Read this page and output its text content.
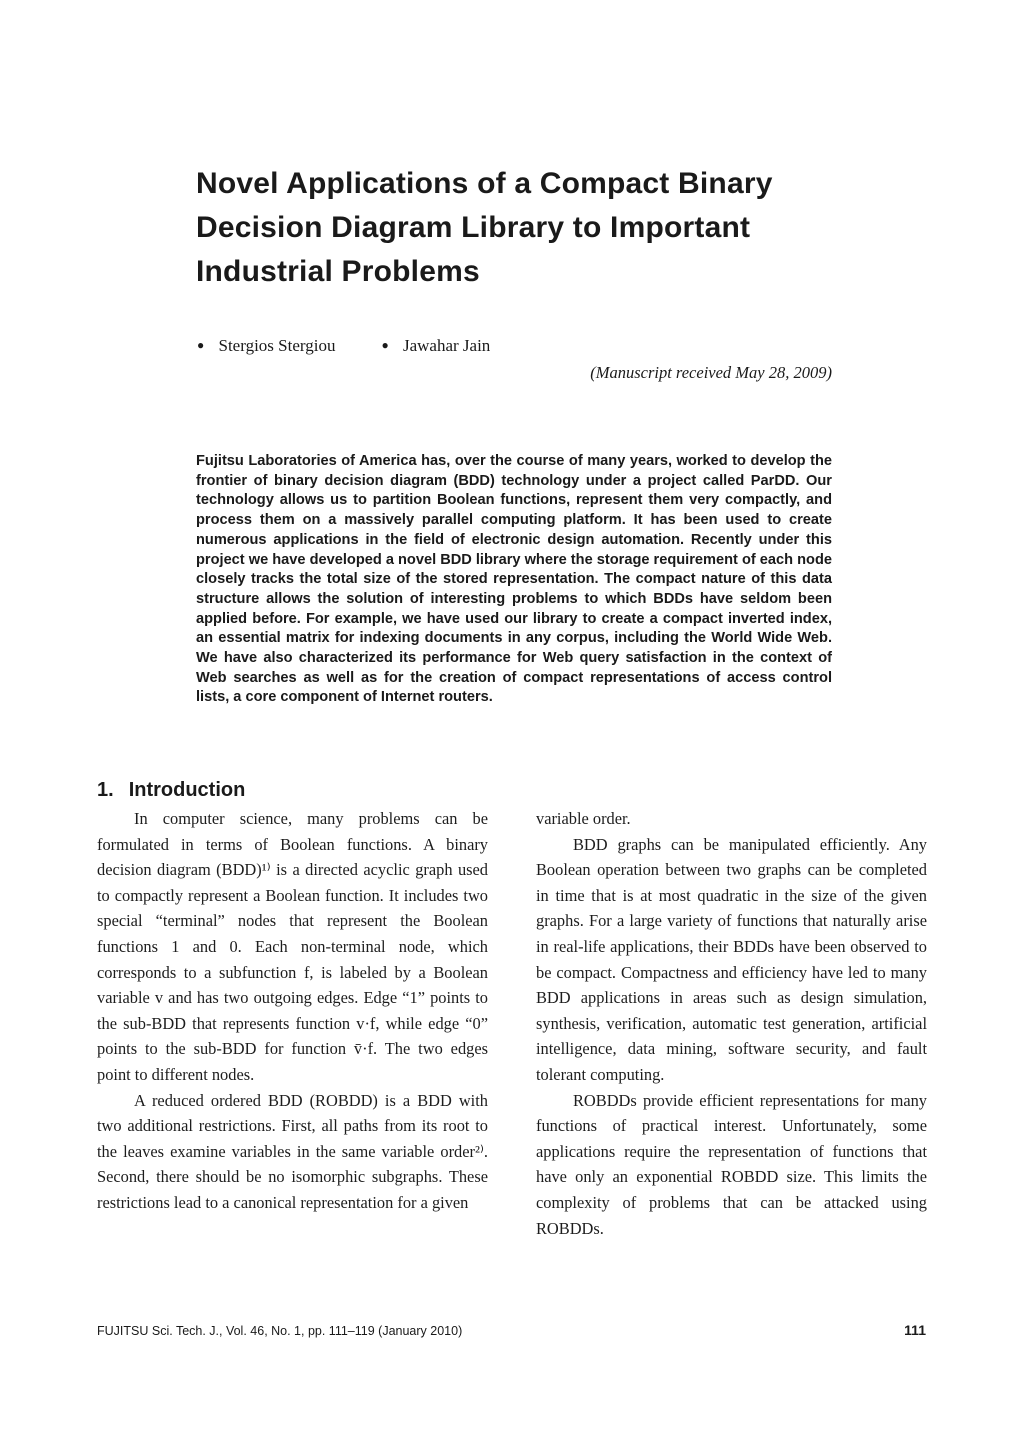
Novel Applications of a Compact Binary
Decision Diagram Library to Important
Industrial Problems
● Stergios Stergiou	● Jawahar Jain
(Manuscript received May 28, 2009)
Fujitsu Laboratories of America has, over the course of many years, worked to develop the frontier of binary decision diagram (BDD) technology under a project called ParDD. Our technology allows us to partition Boolean functions, represent them very compactly, and process them on a massively parallel computing platform. It has been used to create numerous applications in the field of electronic design automation. Recently under this project we have developed a novel BDD library where the storage requirement of each node closely tracks the total size of the stored representation. The compact nature of this data structure allows the solution of interesting problems to which BDDs have seldom been applied before. For example, we have used our library to create a compact inverted index, an essential matrix for indexing documents in any corpus, including the World Wide Web. We have also characterized its performance for Web query satisfaction in the context of Web searches as well as for the creation of compact representations of access control lists, a core component of Internet routers.
1. Introduction

In computer science, many problems can be formulated in terms of Boolean functions. A binary decision diagram (BDD)¹⁾ is a directed acyclic graph used to compactly represent a Boolean function. It includes two special “terminal” nodes that represent the Boolean functions 1 and 0. Each non-terminal node, which corresponds to a subfunction f, is labeled by a Boolean variable v and has two outgoing edges. Edge “1” points to the sub-BDD that represents function v·f, while edge “0” points to the sub-BDD for function v̄·f. The two edges point to different nodes.

A reduced ordered BDD (ROBDD) is a BDD with two additional restrictions. First, all paths from its root to the leaves examine variables in the same variable order²⁾. Second, there should be no isomorphic subgraphs. These restrictions lead to a canonical representation for a given

variable order.

BDD graphs can be manipulated efficiently. Any Boolean operation between two graphs can be completed in time that is at most quadratic in the size of the given graphs. For a large variety of functions that naturally arise in real-life applications, their BDDs have been observed to be compact. Compactness and efficiency have led to many BDD applications in areas such as design simulation, synthesis, verification, automatic test generation, artificial intelligence, data mining, software security, and fault tolerant computing.

ROBDDs provide efficient representations for many functions of practical interest. Unfortunately, some applications require the representation of functions that have only an exponential ROBDD size. This limits the complexity of problems that can be attacked using ROBDDs.

FUJITSU Sci. Tech. J., Vol. 46, No. 1, pp. 111–119 (January 2010)	111
